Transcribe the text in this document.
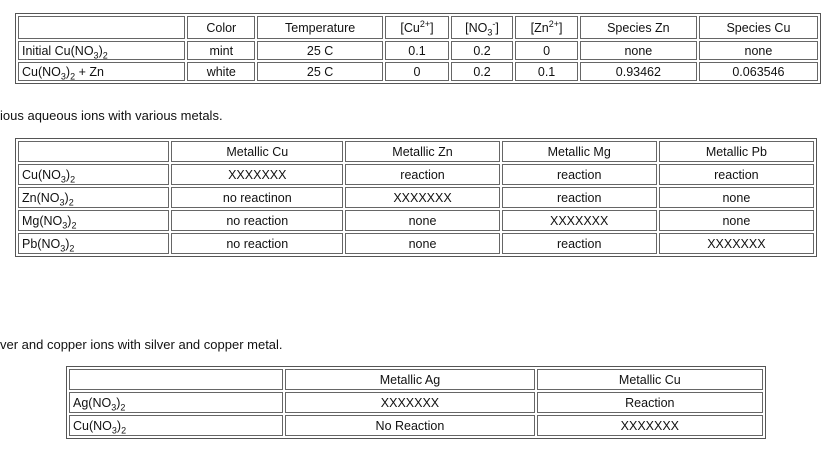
	Color	Temperature	$[Cu^{2+}]$	$[NO_3^-]$	$[Zn^{2+}]$	Species Zn	Species Cu
Initial $Cu(NO_3)_2$	mint	25 C	0.1	0.2	0	none	none
$Cu(NO_3)_2 + Zn$	white	25 C	0	0.2	0.1	0.93462	0.063546
ious aqueous ions with various metals.
	Metallic Cu	Metallic Zn	Metallic Mg	Metallic Pb
$Cu(NO_3)_2$	XXXXXXX	reaction	reaction	reaction
$Zn(NO_3)_2$	no reactinon	XXXXXXX	reaction	none
$Mg(NO_3)_2$	no reaction	none	XXXXXXX	none
$Pb(NO_3)_2$	no reaction	none	reaction	XXXXXXX
ver and copper ions with silver and copper metal.
	Metallic Ag	Metallic Cu
$Ag(NO_3)_2$	XXXXXXX	Reaction
$Cu(NO_3)_2$	No Reaction	XXXXXXX
